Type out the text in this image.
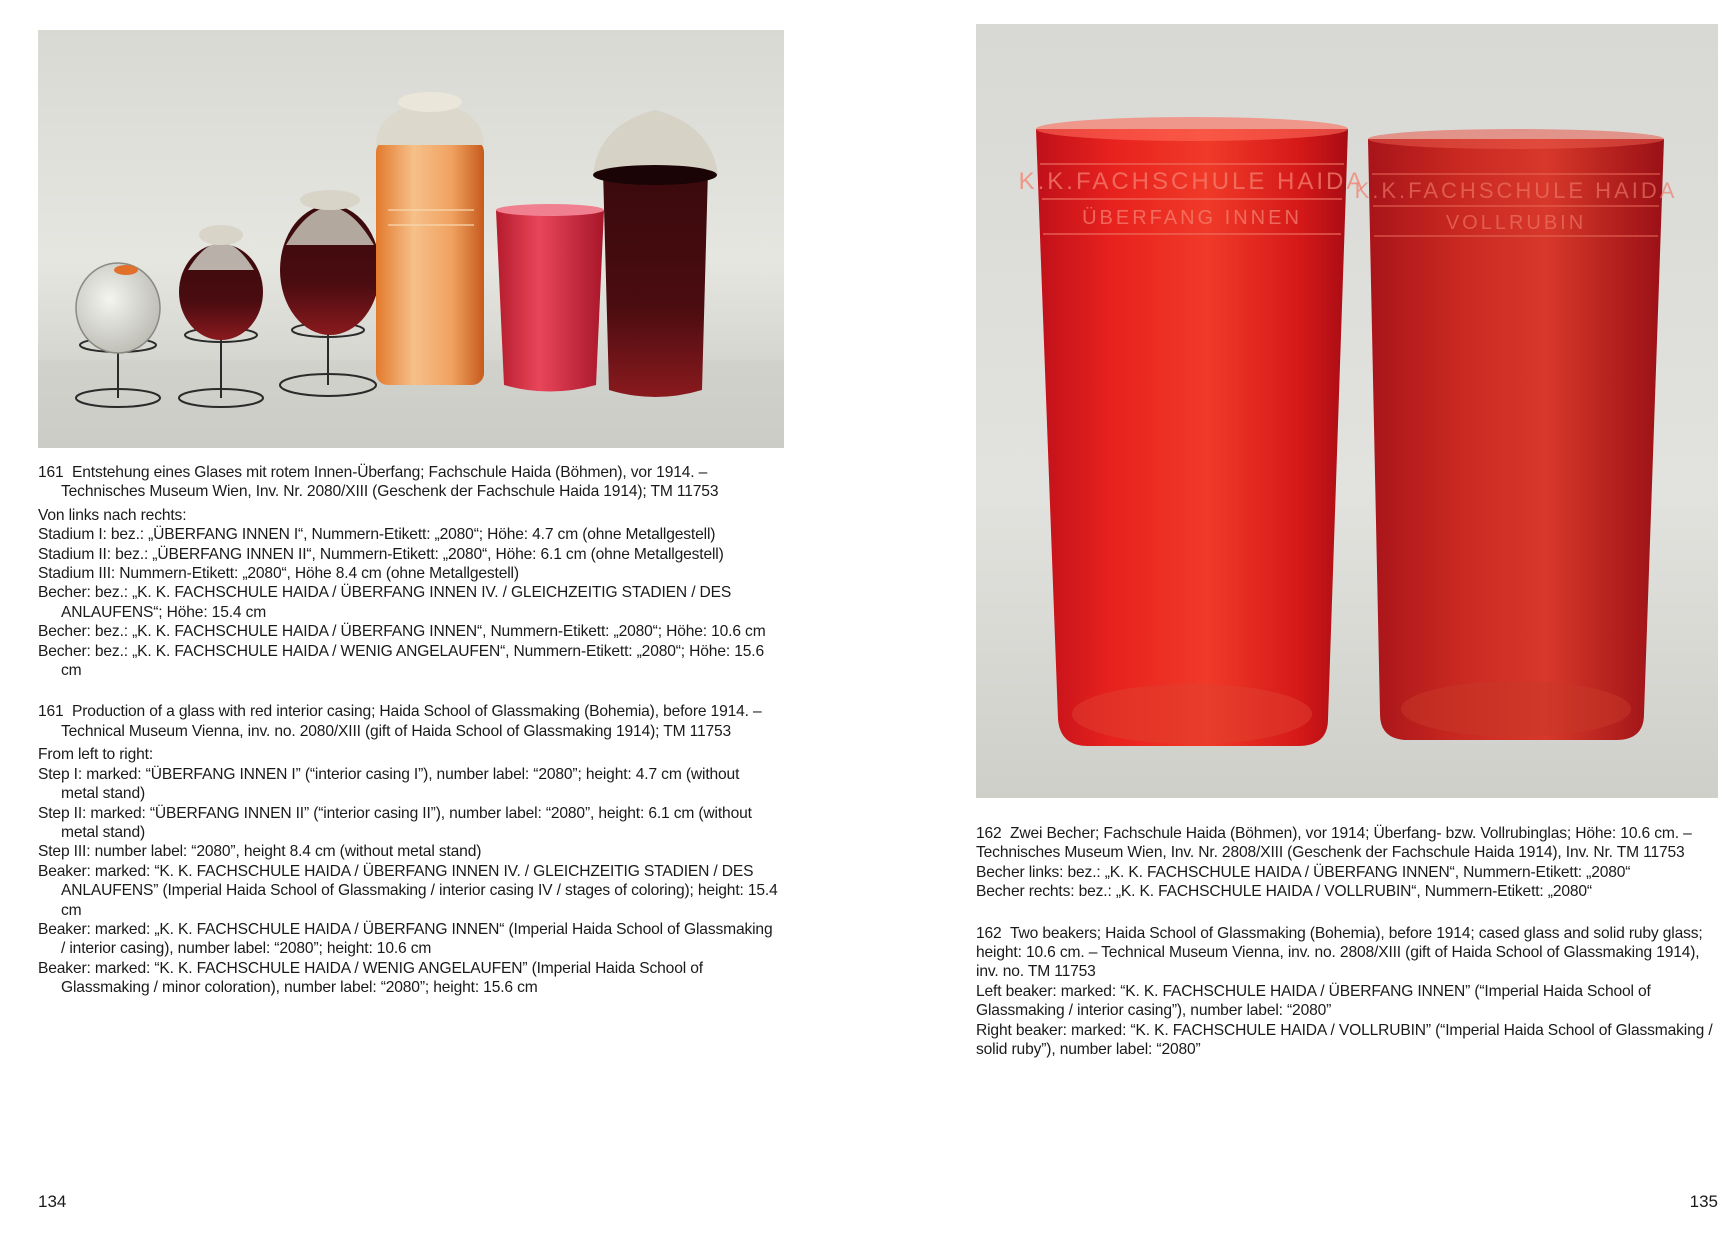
161 Entstehung eines Glases mit rotem Innen-Überfang; Fachschule Haida (Böhmen), vor 1914. – Technisches Museum Wien, Inv. Nr. 2080/XIII (Geschenk der Fachschule Haida 1914); TM 11753

Von links nach rechts:

Stadium I: bez.: „ÜBERFANG INNEN I“, Nummern-Etikett: „2080“; Höhe: 4.7 cm (ohne Metallgestell)

Stadium II: bez.: „ÜBERFANG INNEN II“, Nummern-Etikett: „2080“, Höhe: 6.1 cm (ohne Metallgestell)

Stadium III: Nummern-Etikett: „2080“, Höhe 8.4 cm (ohne Metallgestell)

Becher: bez.: „K. K. FACHSCHULE HAIDA / ÜBERFANG INNEN IV. / GLEICHZEITIG STADIEN / DES ANLAUFENS“; Höhe: 15.4 cm

Becher: bez.: „K. K. FACHSCHULE HAIDA / ÜBERFANG INNEN“, Nummern-Etikett: „2080“; Höhe: 10.6 cm

Becher: bez.: „K. K. FACHSCHULE HAIDA / WENIG ANGELAUFEN“, Nummern-Etikett: „2080“; Höhe: 15.6 cm

161 Production of a glass with red interior casing; Haida School of Glassmaking (Bohemia), before 1914. – Technical Museum Vienna, inv. no. 2080/XIII (gift of Haida School of Glassmaking 1914); TM 11753

From left to right:

Step I: marked: “ÜBERFANG INNEN I” (“interior casing I”), number label: “2080”; height: 4.7 cm (without metal stand)

Step II: marked: “ÜBERFANG INNEN II” (“interior casing II”), number label: “2080”, height: 6.1 cm (without metal stand)

Step III: number label: “2080”, height 8.4 cm (without metal stand)

Beaker: marked: “K. K. FACHSCHULE HAIDA / ÜBERFANG INNEN IV. / GLEICHZEITIG STADIEN / DES ANLAUFENS” (Imperial Haida School of Glassmaking / interior casing IV / stages of coloring); height: 15.4 cm

Beaker: marked: „K. K. FACHSCHULE HAIDA / ÜBERFANG INNEN“ (Imperial Haida School of Glassmaking / interior casing), number label: “2080”; height: 10.6 cm

Beaker: marked: “K. K. FACHSCHULE HAIDA / WENIG ANGELAUFEN” (Imperial Haida School of Glassmaking / minor coloration), number label: “2080”; height: 15.6 cm

134
K.K.FACHSCHULE HAIDA
ÜBERFANG INNEN
K.K.FACHSCHULE HAIDA
VOLLRUBIN

162 Zwei Becher; Fachschule Haida (Böhmen), vor 1914; Überfang- bzw. Vollrubinglas; Höhe: 10.6 cm. – Technisches Museum Wien, Inv. Nr. 2808/XIII (Geschenk der Fachschule Haida 1914), Inv. Nr. TM 11753

Becher links: bez.: „K. K. FACHSCHULE HAIDA / ÜBERFANG INNEN“, Nummern-Etikett: „2080“

Becher rechts: bez.: „K. K. FACHSCHULE HAIDA / VOLLRUBIN“, Nummern-Etikett: „2080“

162 Two beakers; Haida School of Glassmaking (Bohemia), before 1914; cased glass and solid ruby glass; height: 10.6 cm. – Technical Museum Vienna, inv. no. 2808/XIII (gift of Haida School of Glassmaking 1914), inv. no. TM 11753

Left beaker: marked: “K. K. FACHSCHULE HAIDA / ÜBERFANG INNEN” (“Imperial Haida School of Glassmaking / interior casing”), number label: “2080”

Right beaker: marked: “K. K. FACHSCHULE HAIDA / VOLLRUBIN” (“Imperial Haida School of Glassmaking / solid ruby”), number label: “2080”

135
